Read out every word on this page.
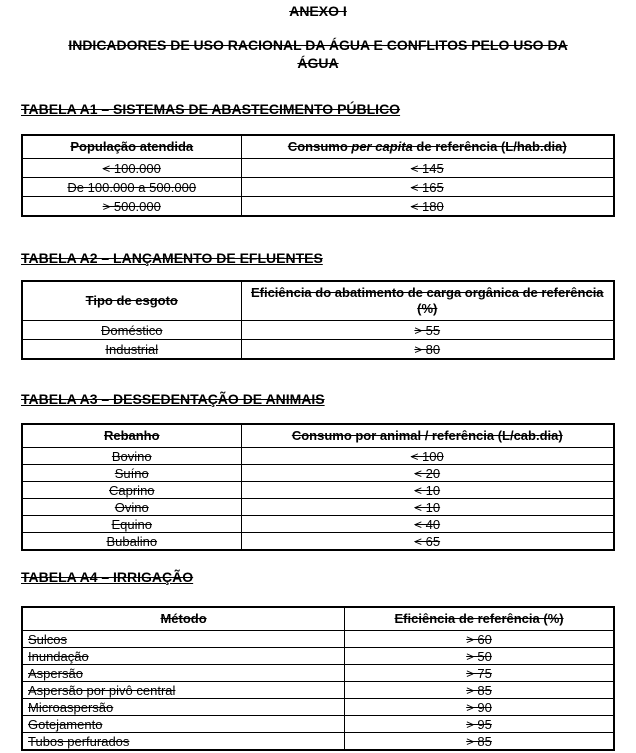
ANEXO I

INDICADORES DE USO RACIONAL DA ÁGUA E CONFLITOS PELO USO DA
ÁGUA

TABELA A1 – SISTEMAS DE ABASTECIMENTO PÚBLICO

População atendida	Consumo per capita de referência (L/hab.dia)
< 100.000	< 145
De 100.000 a 500.000	< 165
> 500.000	< 180

TABELA A2 – LANÇAMENTO DE EFLUENTES

Tipo de esgoto	Eficiência do abatimento de carga orgânica de referência (%)
Doméstico	> 55
Industrial	> 80

TABELA A3 – DESSEDENTAÇÃO DE ANIMAIS

Rebanho	Consumo por animal / referência (L/cab.dia)
Bovino	< 100
Suíno	< 20
Caprino	< 10
Ovino	< 10
Equino	< 40
Bubalino	< 65

TABELA A4 – IRRIGAÇÃO

Método	Eficiência de referência (%)
Sulcos	> 60
Inundação	> 50
Aspersão	> 75
Aspersão por pivô central	> 85
Microaspersão	> 90
Gotejamento	> 95
Tubos perfurados	> 85
